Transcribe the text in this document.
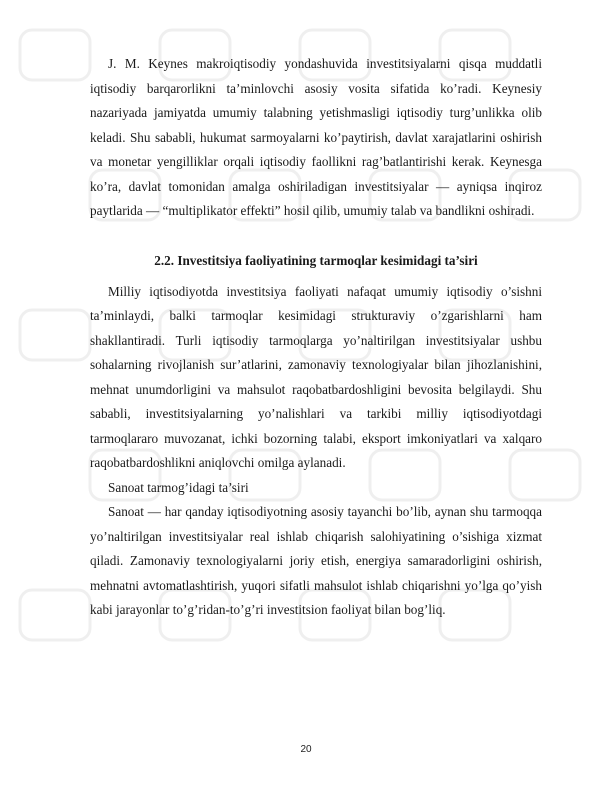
J. M. Keynes makroiqtisodiy yondashuvida investitsiyalarni qisqa muddatli iqtisodiy barqarorlikni ta’minlovchi asosiy vosita sifatida ko’radi. Keynesiy nazariyada jamiyatda umumiy talabning yetishmasligi iqtisodiy turg’unlikka olib keladi. Shu sababli, hukumat sarmoyalarni ko’paytirish, davlat xarajatlarini oshirish va monetar yengilliklar orqali iqtisodiy faollikni rag’batlantirishi kerak. Keynesga ko’ra, davlat tomonidan amalga oshiriladigan investitsiyalar — ayniqsa inqiroz paytlarida — “multiplikator effekti” hosil qilib, umumiy talab va bandlikni oshiradi.

2.2. Investitsiya faoliyatining tarmoqlar kesimidagi ta’siri

Milliy iqtisodiyotda investitsiya faoliyati nafaqat umumiy iqtisodiy o’sishni ta’minlaydi, balki tarmoqlar kesimidagi strukturaviy o’zgarishlarni ham shakllantiradi. Turli iqtisodiy tarmoqlarga yo’naltirilgan investitsiyalar ushbu sohalarning rivojlanish sur’atlarini, zamonaviy texnologiyalar bilan jihozlanishini, mehnat unumdorligini va mahsulot raqobatbardoshligini bevosita belgilaydi. Shu sababli, investitsiyalarning yo’nalishlari va tarkibi milliy iqtisodiyotdagi tarmoqlararo muvozanat, ichki bozorning talabi, eksport imkoniyatlari va xalqaro raqobatbardoshlikni aniqlovchi omilga aylanadi.

Sanoat tarmog’idagi ta’siri

Sanoat — har qanday iqtisodiyotning asosiy tayanchi bo’lib, aynan shu tarmoqqa yo’naltirilgan investitsiyalar real ishlab chiqarish salohiyatining o’sishiga xizmat qiladi. Zamonaviy texnologiyalarni joriy etish, energiya samaradorligini oshirish, mehnatni avtomatlashtirish, yuqori sifatli mahsulot ishlab chiqarishni yo’lga qo’yish kabi jarayonlar to’g’ridan-to’g’ri investitsion faoliyat bilan bog’liq.

20
